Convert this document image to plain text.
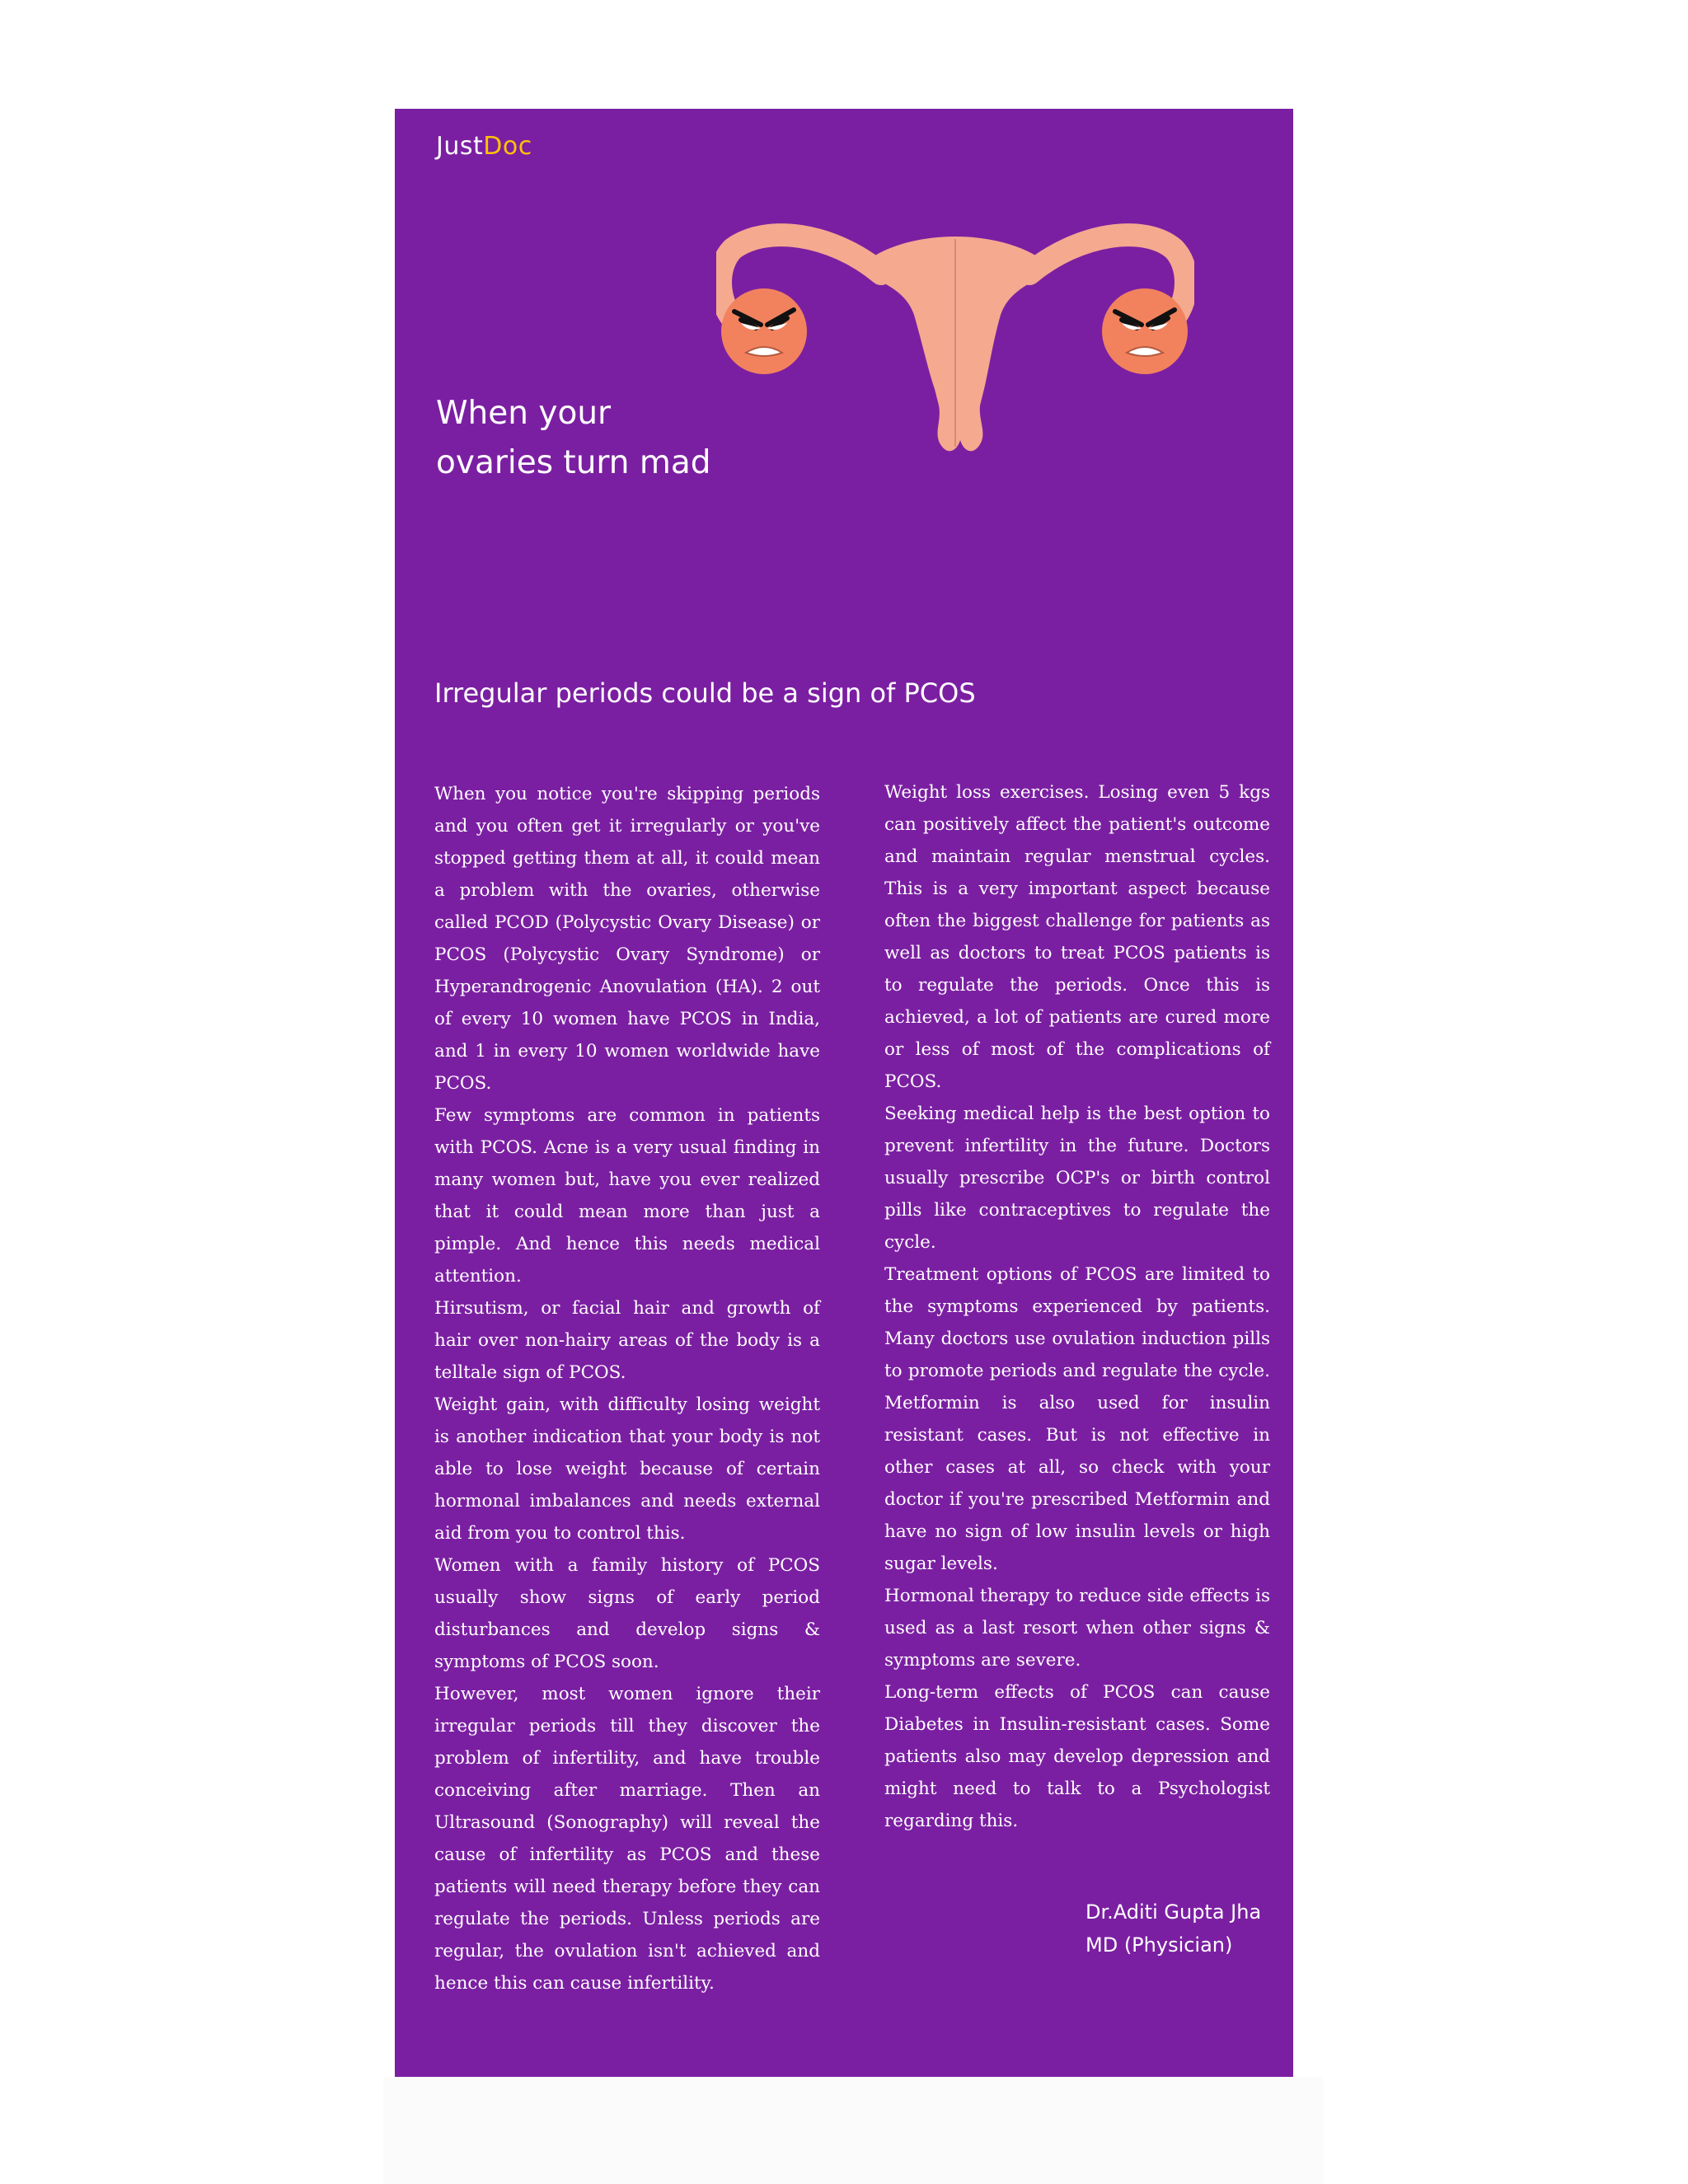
JustDoc
When your
ovaries turn mad
Irregular periods could be a sign of PCOS

When you notice you're skipping periods and you often get it irregularly or you've stopped getting them at all, it could mean a problem with the ovaries, otherwise called PCOD (Polycystic Ovary Disease) or PCOS (Polycystic Ovary Syndrome) or Hyperandrogenic Anovulation (HA). 2 out of every 10 women have PCOS in India, and 1 in every 10 women worldwide have PCOS.

Few symptoms are common in patients with PCOS. Acne is a very usual finding in many women but, have you ever realized that it could mean more than just a pimple. And hence this needs medical attention.

Hirsutism, or facial hair and growth of hair over non-hairy areas of the body is a telltale sign of PCOS.

Weight gain, with difficulty losing weight is another indication that your body is not able to lose weight because of certain hormonal imbalances and needs external aid from you to control this.

Women with a family history of PCOS usually show signs of early period disturbances and develop signs & symptoms of PCOS soon.

However, most women ignore their irregular periods till they discover the problem of infertility, and have trouble conceiving after marriage. Then an Ultrasound (Sonography) will reveal the cause of infertility as PCOS and these patients will need therapy before they can regulate the periods. Unless periods are regular, the ovulation isn't achieved and hence this can cause infertility.

Weight loss exercises. Losing even 5 kgs can positively affect the patient's outcome and maintain regular menstrual cycles. This is a very important aspect because often the biggest challenge for patients as well as doctors to treat PCOS patients is to regulate the periods. Once this is achieved, a lot of patients are cured more or less of most of the complications of PCOS.

Seeking medical help is the best option to prevent infertility in the future. Doctors usually prescribe OCP's or birth control pills like contraceptives to regulate the cycle.

Treatment options of PCOS are limited to the symptoms experienced by patients. Many doctors use ovulation induction pills to promote periods and regulate the cycle. Metformin is also used for insulin resistant cases. But is not effective in other cases at all, so check with your doctor if you're prescribed Metformin and have no sign of low insulin levels or high sugar levels.

Hormonal therapy to reduce side effects is used as a last resort when other signs & symptoms are severe.

Long-term effects of PCOS can cause Diabetes in Insulin-resistant cases. Some patients also may develop depression and might need to talk to a Psychologist regarding this.

Dr.Aditi Gupta Jha
MD (Physician)
